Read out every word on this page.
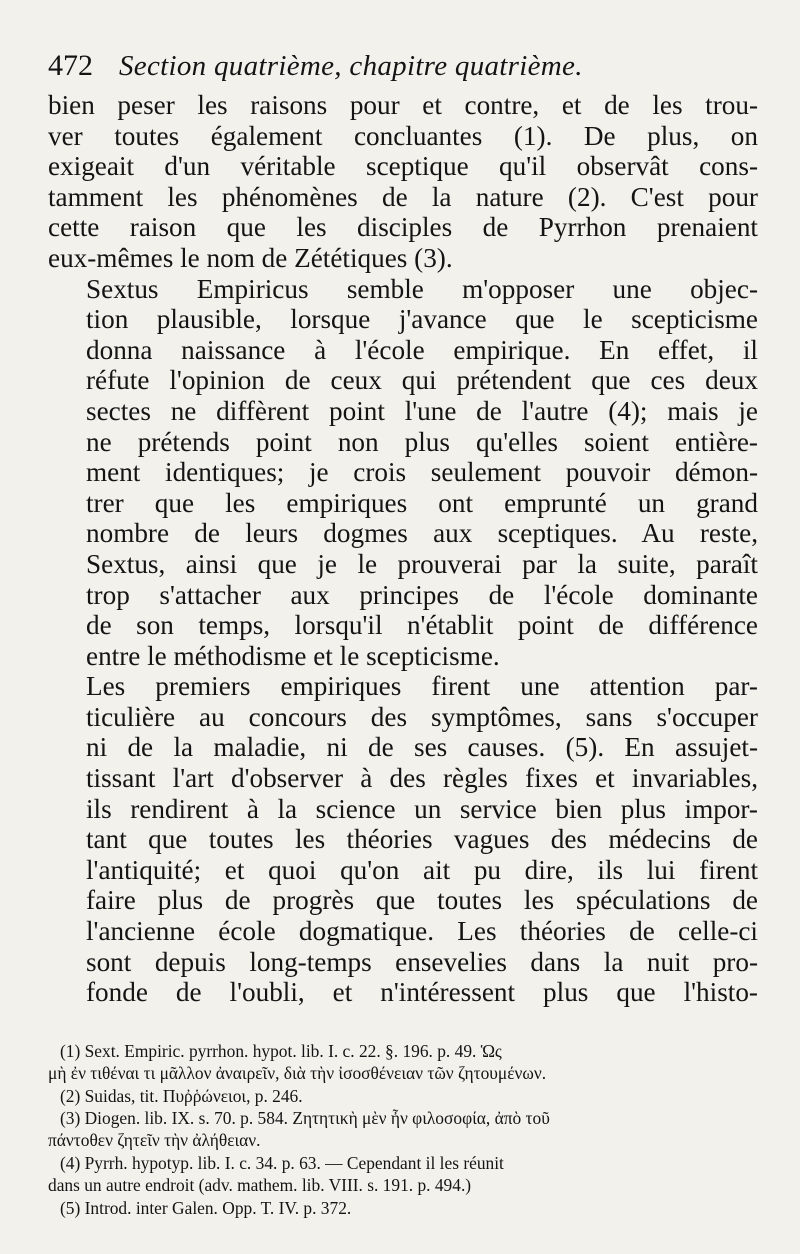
472 Section quatrième, chapitre quatrième.

bien peser les raisons pour et contre, et de les trou-
ver toutes également concluantes (1). De plus, on
exigeait d'un véritable sceptique qu'il observât cons-
tamment les phénomènes de la nature (2). C'est pour
cette raison que les disciples de Pyrrhon prenaient
eux-mêmes le nom de Zététiques (3).

Sextus Empiricus semble m'opposer une objec-
tion plausible, lorsque j'avance que le scepticisme
donna naissance à l'école empirique. En effet, il
réfute l'opinion de ceux qui prétendent que ces deux
sectes ne diffèrent point l'une de l'autre (4); mais je
ne prétends point non plus qu'elles soient entière-
ment identiques; je crois seulement pouvoir démon-
trer que les empiriques ont emprunté un grand
nombre de leurs dogmes aux sceptiques. Au reste,
Sextus, ainsi que je le prouverai par la suite, paraît
trop s'attacher aux principes de l'école dominante
de son temps, lorsqu'il n'établit point de différence
entre le méthodisme et le scepticisme.

Les premiers empiriques firent une attention par-
ticulière au concours des symptômes, sans s'occuper
ni de la maladie, ni de ses causes. (5). En assujet-
tissant l'art d'observer à des règles fixes et invariables,
ils rendirent à la science un service bien plus impor-
tant que toutes les théories vagues des médecins de
l'antiquité; et quoi qu'on ait pu dire, ils lui firent
faire plus de progrès que toutes les spéculations de
l'ancienne école dogmatique. Les théories de celle-ci
sont depuis long-temps ensevelies dans la nuit pro-
fonde de l'oubli, et n'intéressent plus que l'histo-

(1) Sext. Empiric. pyrrhon. hypot. lib. I. c. 22. §. 196. p. 49. Ὡς
μὴ ἐν τιθέναι τι μᾶλλον ἀναιρεῖν, διὰ τὴν ἰσοσθένειαν τῶν ζητουμένων.
(2) Suidas, tit. Πυῤῥώνειοι, p. 246.
(3) Diogen. lib. IX. s. 70. p. 584. Ζητητικὴ μὲν ἦν φιλοσοφία, ἀπὸ τοῦ
πάντοθεν ζητεῖν τὴν ἀλήθειαν.
(4) Pyrrh. hypotyp. lib. I. c. 34. p. 63. — Cependant il les réunit
dans un autre endroit (adv. mathem. lib. VIII. s. 191. p. 494.)
(5) Introd. inter Galen. Opp. T. IV. p. 372.
